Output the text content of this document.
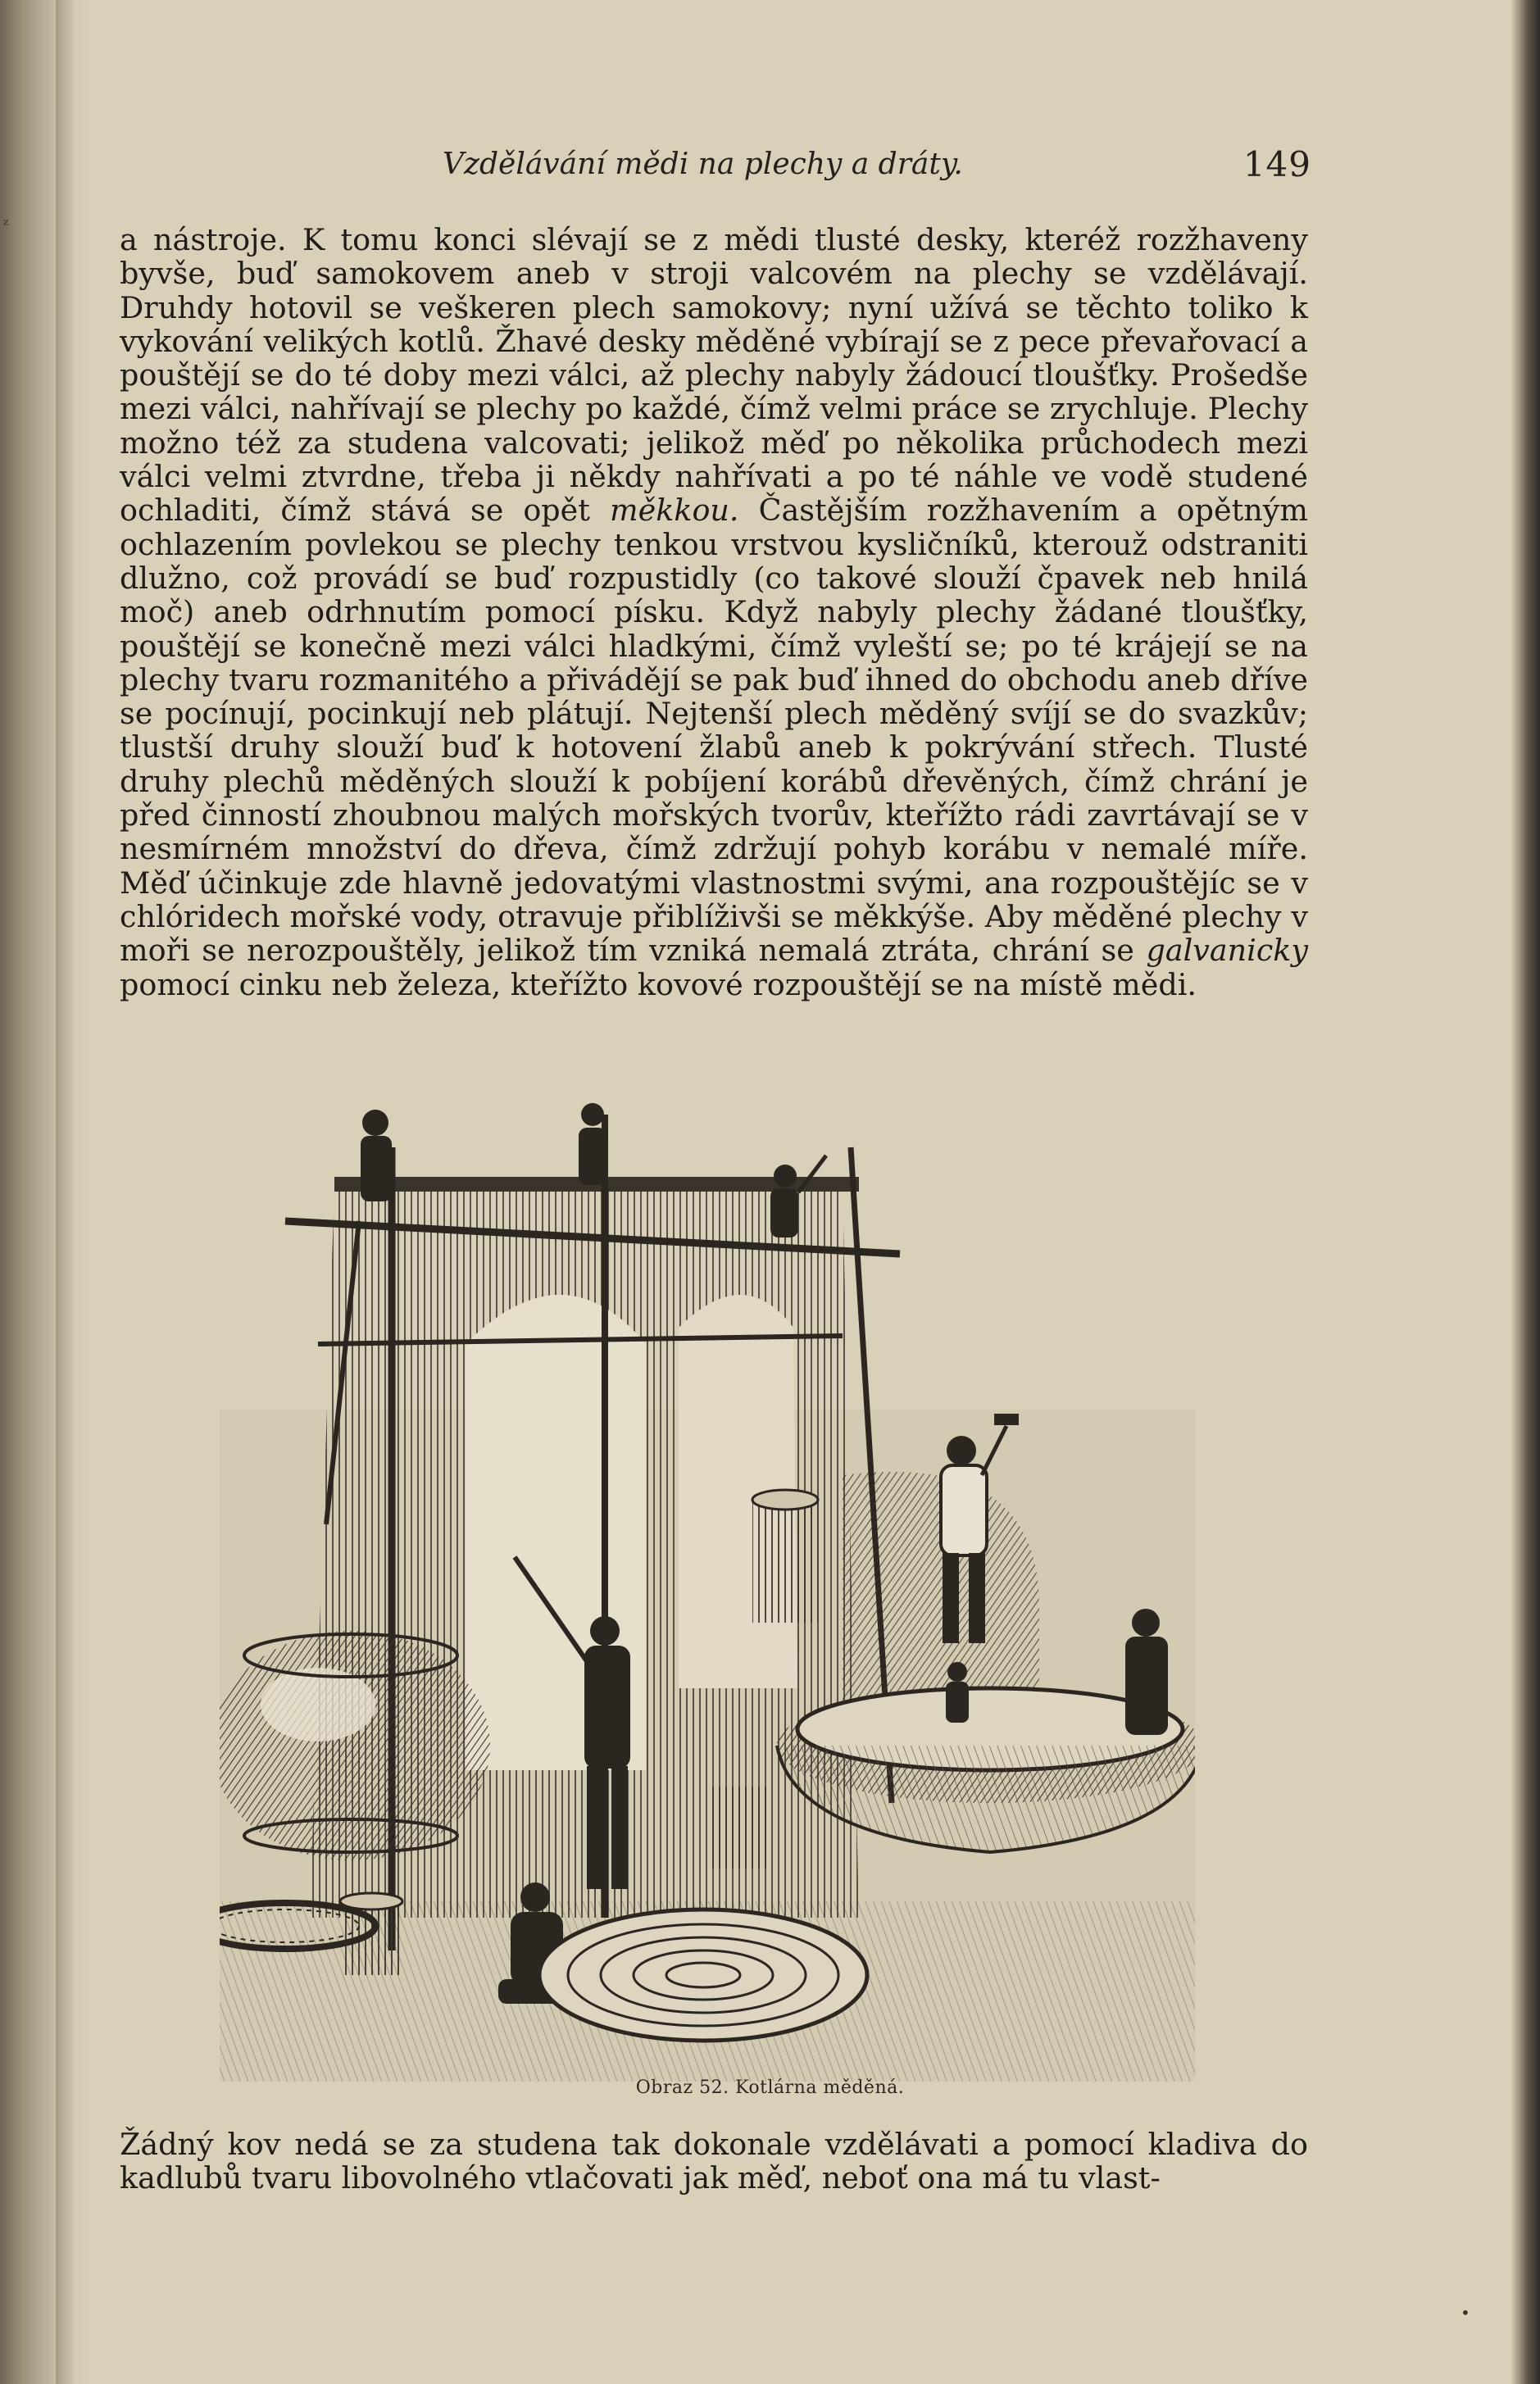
ᶻ
Vzdělávání mědi na plechy a dráty.	149

a nástroje. K tomu konci slévají se z mědi tlusté desky, kteréž rozžhaveny byvše, buď samokovem aneb v stroji valcovém na plechy se vzdělávají. Druhdy hotovil se veškeren plech samokovy; nyní užívá se těchto toliko k vykování velikých kotlů. Žhavé desky měděné vybírají se z pece převařovací a pouštějí se do té doby mezi válci, až plechy nabyly žádoucí tloušťky. Prošedše mezi válci, nahřívají se plechy po každé, čímž velmi práce se zrychluje. Plechy možno též za studena valcovati; jelikož měď po několika průchodech mezi válci velmi ztvrdne, třeba ji někdy nahřívati a po té náhle ve vodě studené ochladiti, čímž stává se opět měkkou. Častějším rozžhavením a opětným ochlazením povlekou se plechy tenkou vrstvou kysličníků, kterouž odstraniti dlužno, což provádí se buď rozpustidly (co takové slouží čpavek neb hnilá moč) aneb odrhnutím pomocí písku. Když nabyly plechy žádané tloušťky, pouštějí se konečně mezi válci hladkými, čímž vyleští se; po té krájejí se na plechy tvaru rozmanitého a přivádějí se pak buď ihned do obchodu aneb dříve se pocínují, pocinkují neb plátují. Nejtenší plech měděný svíjí se do svazkův; tlustší druhy slouží buď k hotovení žlabů aneb k pokrývání střech. Tlusté druhy plechů měděných slouží k pobíjení korábů dřevěných, čímž chrání je před činností zhoubnou malých mořských tvorův, kteřížto rádi zavrtávají se v nesmírném množství do dřeva, čímž zdržují pohyb korábu v nemalé míře. Měď účinkuje zde hlavně jedovatými vlastnostmi svými, ana rozpouštějíc se v chlóridech mořské vody, otravuje přiblíživši se měkkýše. Aby měděné plechy v moři se nerozpouštěly, jelikož tím vzniká nemalá ztráta, chrání se galvanicky pomocí cinku neb železa, kteřížto kovové rozpouštějí se na místě mědi.

Obraz 52. Kotlárna měděná.

Žádný kov nedá se za studena tak dokonale vzdělávati a pomocí kladiva do kadlubů tvaru libovolného vtlačovati jak měď, neboť ona má tu vlast-

•
